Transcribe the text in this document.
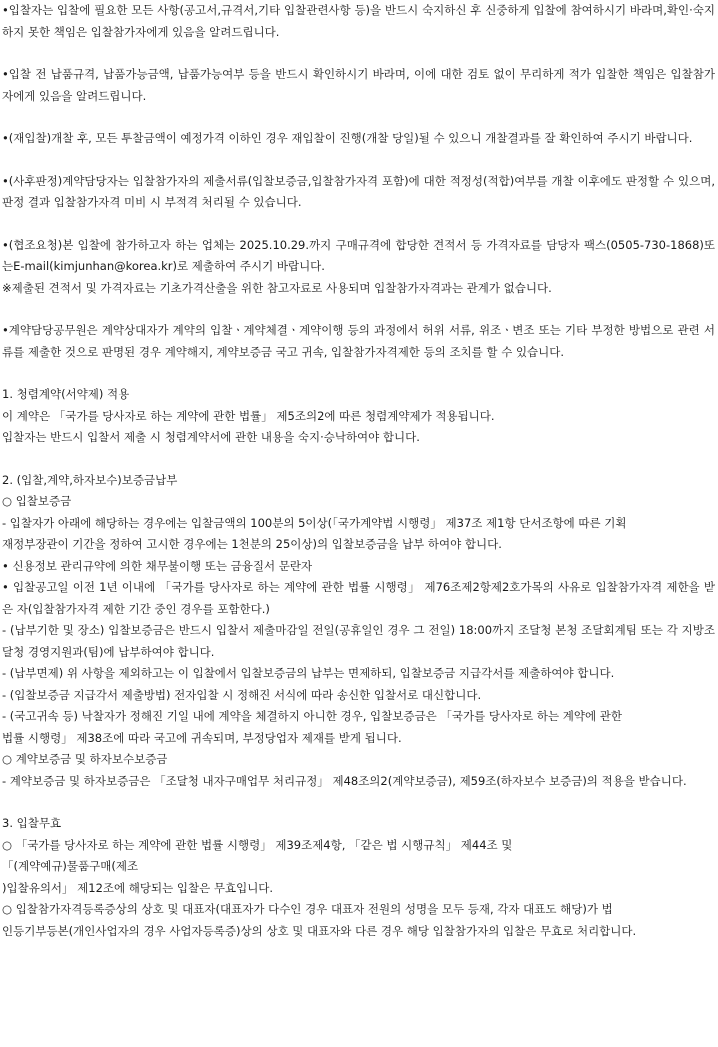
• 입찰자는 입찰에 필요한 모든 사항(공고서,규격서,기타 입찰관련사항 등)을 반드시 숙지하신 후 신중하게 입찰에 참여하시기 바라며,확인·숙지하지 못한 책임은 입찰참가자에게 있음을 알려드립니다.

• 입찰 전 납품규격, 납품가능금액, 납품가능여부 등을 반드시 확인하시기 바라며, 이에 대한 검토 없이 무리하게 적가 입찰한 책임은 입찰참가자에게 있음을 알려드립니다.

• (재입찰)개찰 후, 모든 투찰금액이 예정가격 이하인 경우 재입찰이 진행(개찰 당일)될 수 있으니 개찰결과를 잘 확인하여 주시기 바랍니다.

• (사후판정)계약담당자는 입찰참가자의 제출서류(입찰보증금,입찰참가자격 포함)에 대한 적정성(적합)여부를 개찰 이후에도 판정할 수 있으며, 판정 결과 입찰참가자격 미비 시 부적격 처리될 수 있습니다.

• (협조요청)본 입찰에 참가하고자 하는 업체는 2025.10.29.까지 구매규격에 합당한 견적서 등 가격자료를 담당자 팩스(0505-730-1868)또는E-mail(kimjunhan@korea.kr)로 제출하여 주시기 바랍니다.

※제출된 견적서 및 가격자료는 기초가격산출을 위한 참고자료로 사용되며 입찰참가자격과는 관계가 없습니다.

• 계약담당공무원은 계약상대자가 계약의 입찰ㆍ계약체결ㆍ계약이행 등의 과정에서 허위 서류, 위조ㆍ변조 또는 기타 부정한 방법으로 관련 서류를 제출한 것으로 판명된 경우 계약해지, 계약보증금 국고 귀속, 입찰참가자격제한 등의 조치를 할 수 있습니다.

1. 청렴계약(서약제) 적용

이 계약은 「국가를 당사자로 하는 계약에 관한 법률」 제5조의2에 따른 청렴계약제가 적용됩니다.

입찰자는 반드시 입찰서 제출 시 청렴계약서에 관한 내용을 숙지·승낙하여야 합니다.

2. (입찰,계약,하자보수)보증금납부

○ 입찰보증금

- 입찰자가 아래에 해당하는 경우에는 입찰금액의 100분의 5이상(「국가계약법 시행령」 제37조 제1항 단서조항에 따른 기획

재정부장관이 기간을 정하여 고시한 경우에는 1천분의 25이상)의 입찰보증금을 납부 하여야 합니다.

• 신용정보 관리규약에 의한 채무불이행 또는 금융질서 문란자

• 입찰공고일 이전 1년 이내에 「국가를 당사자로 하는 계약에 관한 법률 시행령」 제76조제2항제2호가목의 사유로 입찰참가자격 제한을 받은 자(입찰참가자격 제한 기간 중인 경우를 포함한다.)

- (납부기한 및 장소) 입찰보증금은 반드시 입찰서 제출마감일 전일(공휴일인 경우 그 전일) 18:00까지 조달청 본청 조달회계팀 또는 각 지방조달청 경영지원과(팀)에 납부하여야 합니다.

- (납부면제) 위 사항을 제외하고는 이 입찰에서 입찰보증금의 납부는 면제하되, 입찰보증금 지급각서를 제출하여야 합니다.

- (입찰보증금 지급각서 제출방법) 전자입찰 시 정해진 서식에 따라 송신한 입찰서로 대신합니다.

- (국고귀속 등) 낙찰자가 정해진 기일 내에 계약을 체결하지 아니한 경우, 입찰보증금은 「국가를 당사자로 하는 계약에 관한

법률 시행령」 제38조에 따라 국고에 귀속되며, 부정당업자 제재를 받게 됩니다.

○ 계약보증금 및 하자보수보증금

- 계약보증금 및 하자보증금은 「조달청 내자구매업무 처리규정」 제48조의2(계약보증금), 제59조(하자보수 보증금)의 적용을 받습니다.

3. 입찰무효

○ 「국가를 당사자로 하는 계약에 관한 법률 시행령」 제39조제4항, 「같은 법 시행규칙」 제44조 및

「(계약예규)물품구매(제조

)입찰유의서」 제12조에 해당되는 입찰은 무효입니다.

○ 입찰참가자격등록증상의 상호 및 대표자(대표자가 다수인 경우 대표자 전원의 성명을 모두 등재, 각자 대표도 해당)가 법

인등기부등본(개인사업자의 경우 사업자등록증)상의 상호 및 대표자와 다른 경우 해당 입찰참가자의 입찰은 무효로 처리합니다.
